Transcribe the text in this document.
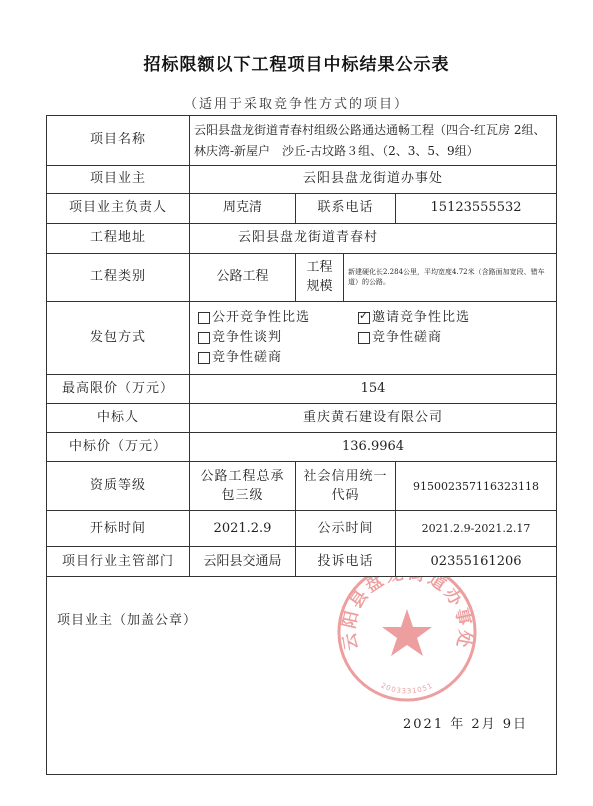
招标限额以下工程项目中标结果公示表
（适用于采取竞争性方式的项目）
项目名称	云阳县盘龙街道青春村组级公路通达通畅工程（四合-红瓦房 2组、 林庆湾-新屋户　沙丘-古坟路３组、（2、3、5、9组）			
项目业主	云阳县盘龙街道办事处			
项目业主负责人	周克清	联系电话		15123555532
工程地址	云阳县盘龙街道青春村			
工程类别	公路工程	工程规模	新建硬化长2.284公里，平均宽度4.72米（含路面加宽段、错车道）的公路。	
发包方式	公开竞争性比选 ✓ 邀请竞争性比选
竞争性谈判 竞争性磋商
竞争性磋商

最高限价（万元）	154			
中标人	重庆黄石建设有限公司			
中标价（万元）	136.9964			
资质等级	公路工程总承包三级	社会信用统一代码		915002357116323118
开标时间	2021.2.9	公示时间		2021.2.9-2021.2.17
项目行业主管部门	云阳县交通局	投诉电话		02355161206

项目业主（加盖公章）
云阳县盘龙街道办事处
2003331051
2021 年 2月 9日				
